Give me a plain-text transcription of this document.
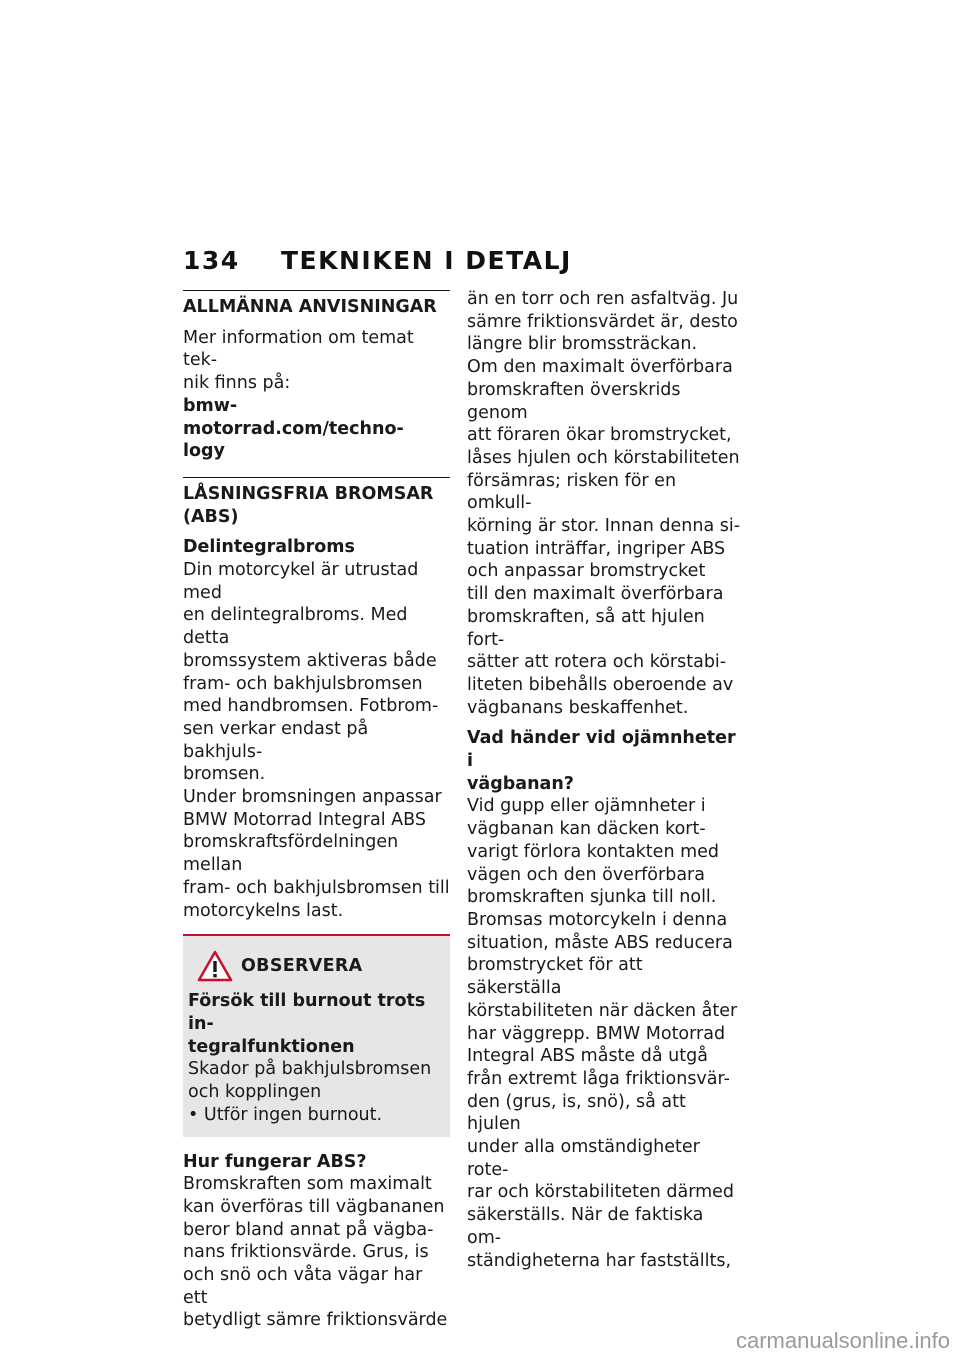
134 TEKNIKEN I DETALJ

ALLMÄNNA ANVISNINGAR

Mer information om temat tek-

nik finns på:

bmw-motorrad.com/techno-

logy

LÅSNINGSFRIA BROMSAR
(ABS)

Delintegralbroms

Din motorcykel är utrustad med

en delintegralbroms. Med detta

bromssystem aktiveras både

fram- och bakhjulsbromsen

med handbromsen. Fotbrom-

sen verkar endast på bakhjuls-

bromsen.

Under bromsningen anpassar

BMW Motorrad Integral ABS

bromskraftsfördelningen mellan

fram- och bakhjulsbromsen till

motorcykelns last.

OBSERVERA

Försök till burnout trots in-

tegralfunktionen

Skador på bakhjulsbromsen

och kopplingen

• Utför ingen burnout.

Hur fungerar ABS?

Bromskraften som maximalt

kan överföras till vägbananen

beror bland annat på vägba-

nans friktionsvärde. Grus, is

och snö och våta vägar har ett

betydligt sämre friktionsvärde

än en torr och ren asfaltväg. Ju

sämre friktionsvärdet är, desto

längre blir bromssträckan.

Om den maximalt överförbara

bromskraften överskrids genom

att föraren ökar bromstrycket,

låses hjulen och körstabiliteten

försämras; risken för en omkull-

körning är stor. Innan denna si-

tuation inträffar, ingriper ABS

och anpassar bromstrycket

till den maximalt överförbara

bromskraften, så att hjulen fort-

sätter att rotera och körstabi-

liteten bibehålls oberoende av

vägbanans beskaffenhet.

Vad händer vid ojämnheter i

vägbanan?

Vid gupp eller ojämnheter i

vägbanan kan däcken kort-

varigt förlora kontakten med

vägen och den överförbara

bromskraften sjunka till noll.

Bromsas motorcykeln i denna

situation, måste ABS reducera

bromstrycket för att säkerställa

körstabiliteten när däcken åter

har väggrepp. BMW Motorrad

Integral ABS måste då utgå

från extremt låga friktionsvär-

den (grus, is, snö), så att hjulen

under alla omständigheter rote-

rar och körstabiliteten därmed

säkerställs. När de faktiska om-

ständigheterna har fastställts,

carmanualsonline.info
